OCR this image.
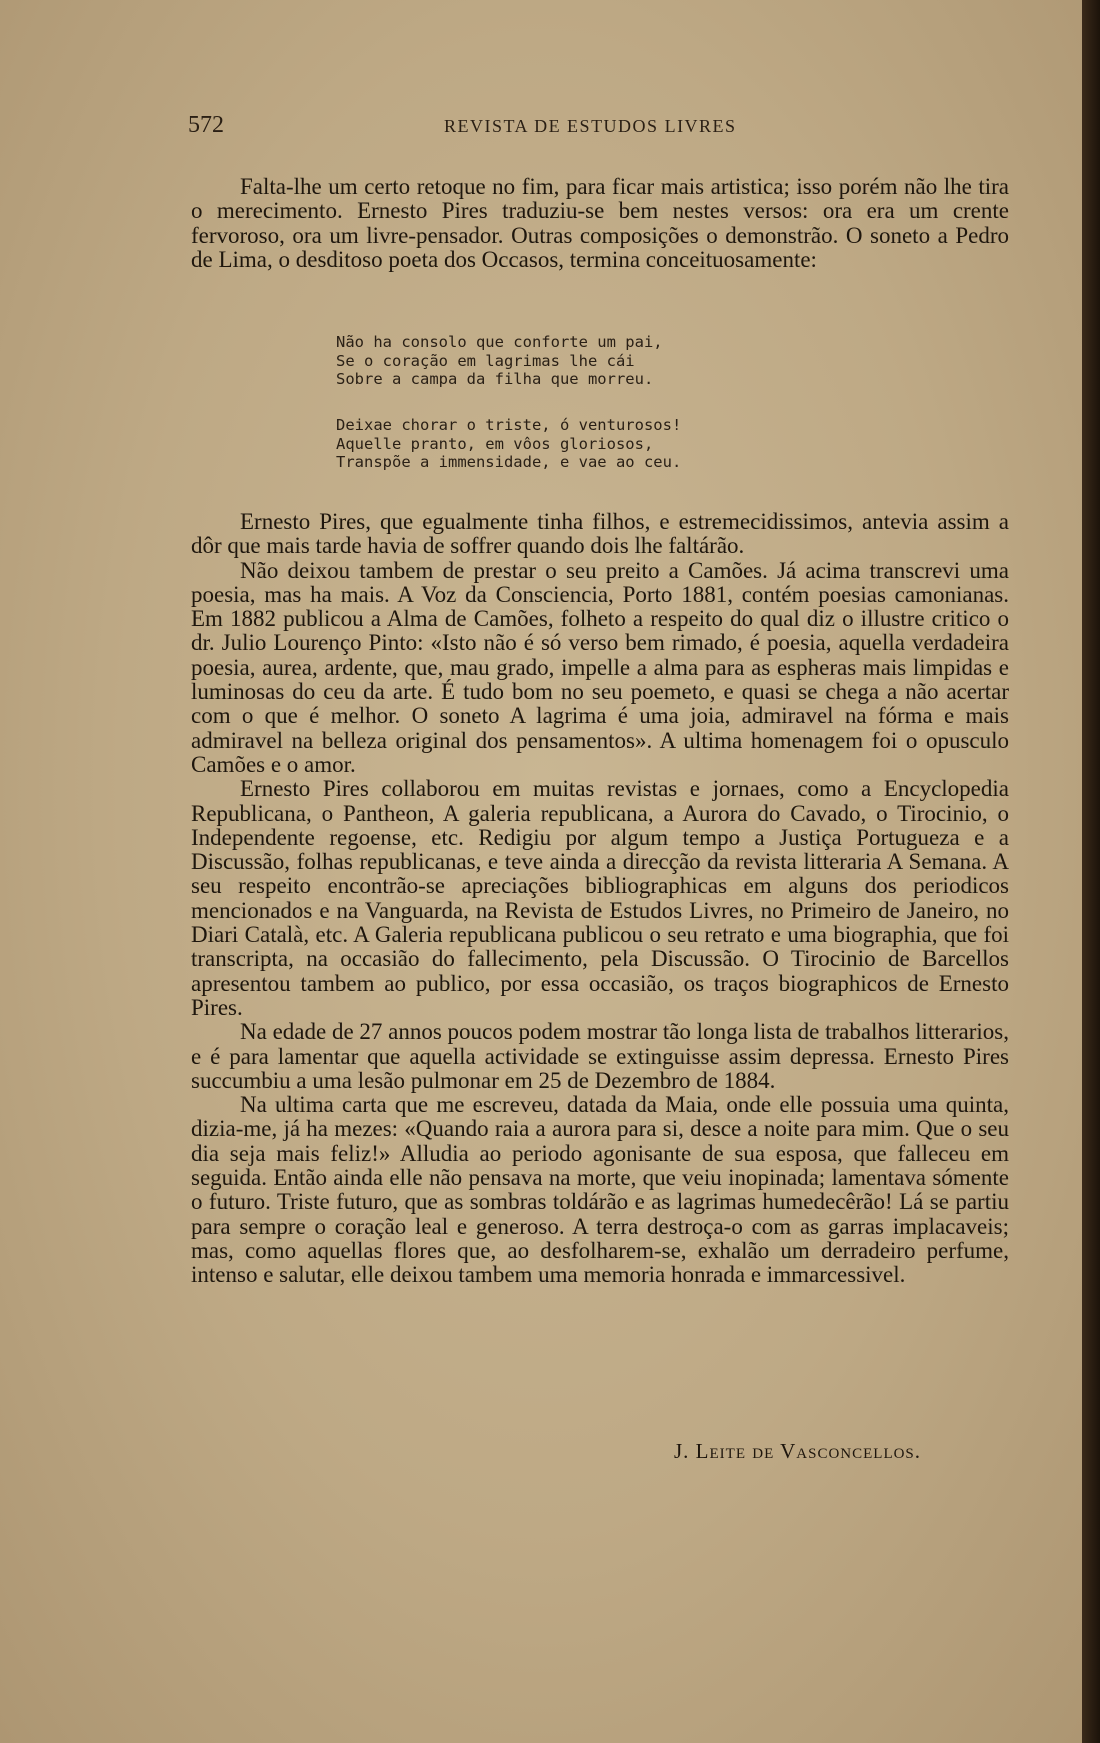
572	REVISTA DE ESTUDOS LIVRES

Falta-lhe um certo retoque no fim, para ficar mais artistica; isso porém não lhe tira o merecimento. Ernesto Pires traduziu-se bem nestes versos: ora era um crente fervoroso, ora um livre-pensador. Outras composições o demonstrão. O soneto a Pedro de Lima, o desditoso poeta dos Occasos, termina conceituosamente:

Não ha consolo que conforte um pai,
Se o coração em lagrimas lhe cái
Sobre a campa da filha que morreu.
Deixae chorar o triste, ó venturosos!
Aquelle pranto, em vôos gloriosos,
Transpõe a immensidade, e vae ao ceu.

Ernesto Pires, que egualmente tinha filhos, e estremecidissimos, antevia assim a dôr que mais tarde havia de soffrer quando dois lhe faltárão.

Não deixou tambem de prestar o seu preito a Camões. Já acima transcrevi uma poesia, mas ha mais. A Voz da Consciencia, Porto 1881, contém poesias camonianas. Em 1882 publicou a Alma de Camões, folheto a respeito do qual diz o illustre critico o dr. Julio Lourenço Pinto: «Isto não é só verso bem rimado, é poesia, aquella verdadeira poesia, aurea, ardente, que, mau grado, impelle a alma para as espheras mais limpidas e luminosas do ceu da arte. É tudo bom no seu poemeto, e quasi se chega a não acertar com o que é melhor. O soneto A lagrima é uma joia, admiravel na fórma e mais admiravel na belleza original dos pensamentos». A ultima homenagem foi o opusculo Camões e o amor.

Ernesto Pires collaborou em muitas revistas e jornaes, como a Encyclopedia Republicana, o Pantheon, A galeria republicana, a Aurora do Cavado, o Tirocinio, o Independente regoense, etc. Redigiu por algum tempo a Justiça Portugueza e a Discussão, folhas republicanas, e teve ainda a direcção da revista litteraria A Semana. A seu respeito encontrão-se apreciações bibliographicas em alguns dos periodicos mencionados e na Vanguarda, na Revista de Estudos Livres, no Primeiro de Janeiro, no Diari Català, etc. A Galeria republicana publicou o seu retrato e uma biographia, que foi transcripta, na occasião do fallecimento, pela Discussão. O Tirocinio de Barcellos apresentou tambem ao publico, por essa occasião, os traços biographicos de Ernesto Pires.

Na edade de 27 annos poucos podem mostrar tão longa lista de trabalhos litterarios, e é para lamentar que aquella actividade se extinguisse assim depressa. Ernesto Pires succumbiu a uma lesão pulmonar em 25 de Dezembro de 1884.

Na ultima carta que me escreveu, datada da Maia, onde elle possuia uma quinta, dizia-me, já ha mezes: «Quando raia a aurora para si, desce a noite para mim. Que o seu dia seja mais feliz!» Alludia ao periodo agonisante de sua esposa, que falleceu em seguida. Então ainda elle não pensava na morte, que veiu inopinada; lamentava sómente o futuro. Triste futuro, que as sombras toldárão e as lagrimas humedecêrão! Lá se partiu para sempre o coração leal e generoso. A terra destroça-o com as garras implacaveis; mas, como aquellas flores que, ao desfolharem-se, exhalão um derradeiro perfume, intenso e salutar, elle deixou tambem uma memoria honrada e immarcessivel.

J. Leite de Vasconcellos.
